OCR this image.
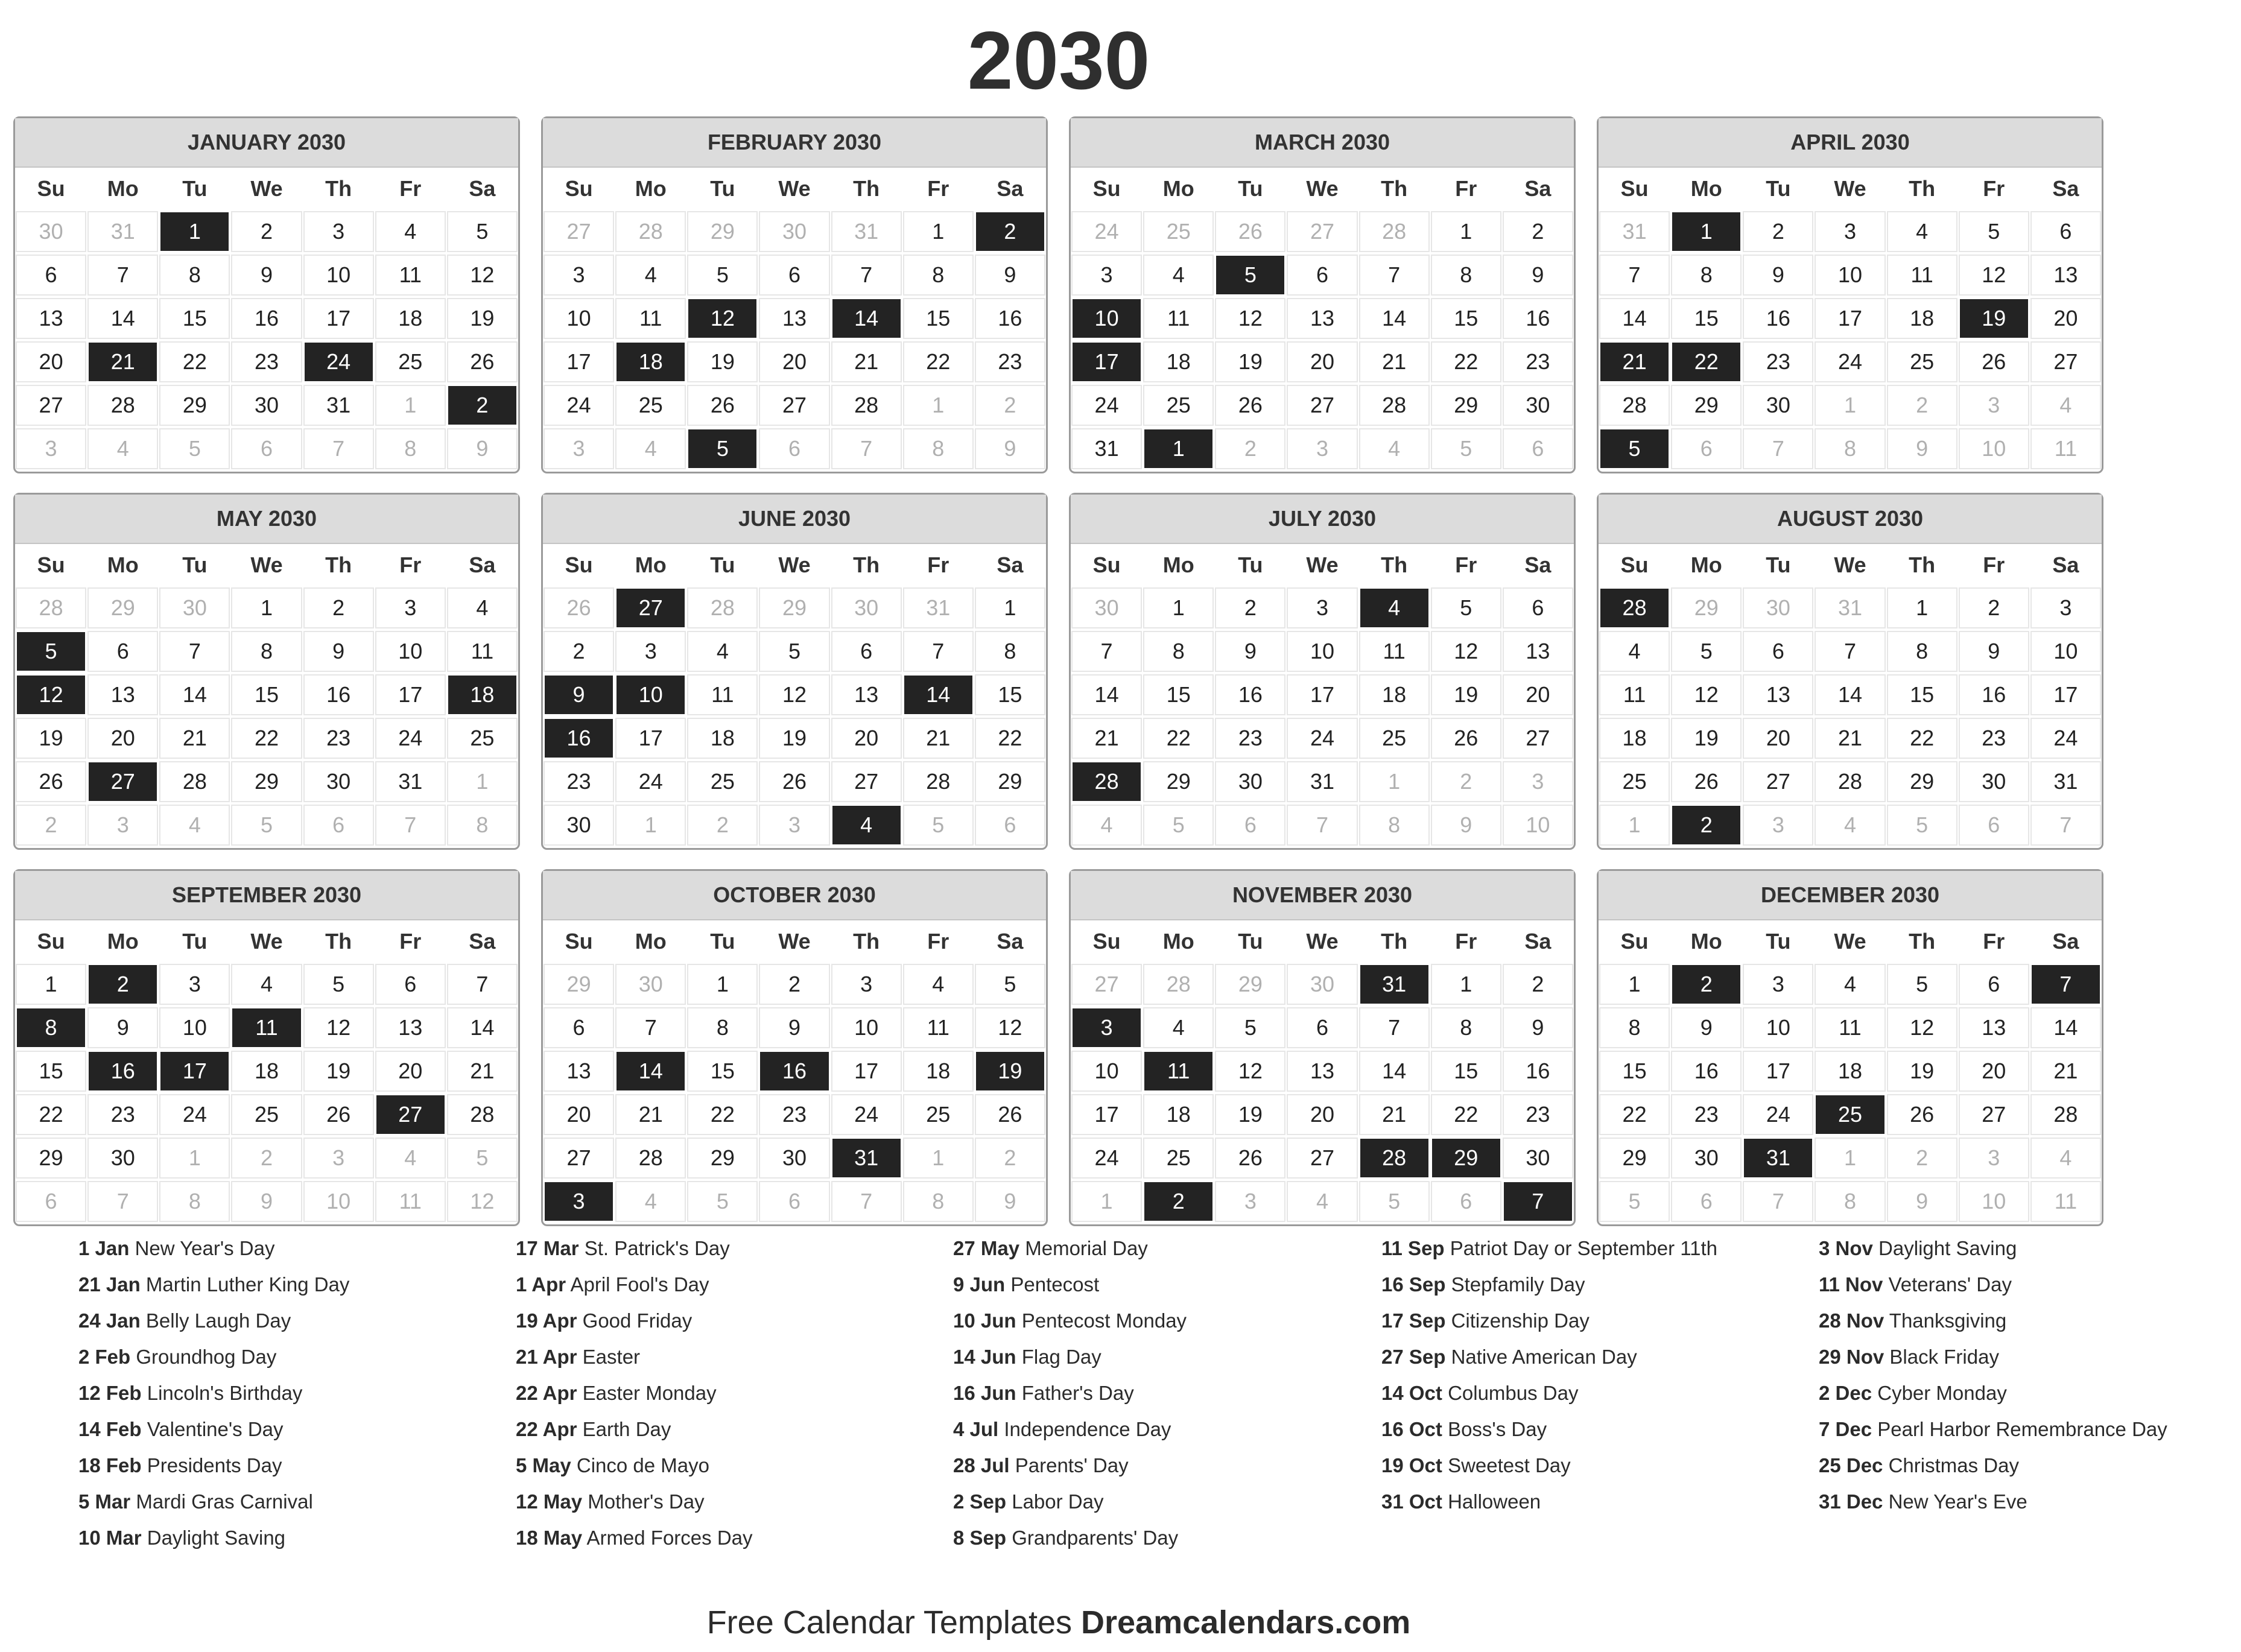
2030
JANUARY 2030
Su	Mo	Tu	We	Th	Fr	Sa
30	31	1	2	3	4	5
6	7	8	9	10	11	12
13	14	15	16	17	18	19
20	21	22	23	24	25	26
27	28	29	30	31	1	2
3	4	5	6	7	8	9
FEBRUARY 2030
Su	Mo	Tu	We	Th	Fr	Sa
27	28	29	30	31	1	2
3	4	5	6	7	8	9
10	11	12	13	14	15	16
17	18	19	20	21	22	23
24	25	26	27	28	1	2
3	4	5	6	7	8	9
MARCH 2030
Su	Mo	Tu	We	Th	Fr	Sa
24	25	26	27	28	1	2
3	4	5	6	7	8	9
10	11	12	13	14	15	16
17	18	19	20	21	22	23
24	25	26	27	28	29	30
31	1	2	3	4	5	6
APRIL 2030
Su	Mo	Tu	We	Th	Fr	Sa
31	1	2	3	4	5	6
7	8	9	10	11	12	13
14	15	16	17	18	19	20
21	22	23	24	25	26	27
28	29	30	1	2	3	4
5	6	7	8	9	10	11
MAY 2030
Su	Mo	Tu	We	Th	Fr	Sa
28	29	30	1	2	3	4
5	6	7	8	9	10	11
12	13	14	15	16	17	18
19	20	21	22	23	24	25
26	27	28	29	30	31	1
2	3	4	5	6	7	8
JUNE 2030
Su	Mo	Tu	We	Th	Fr	Sa
26	27	28	29	30	31	1
2	3	4	5	6	7	8
9	10	11	12	13	14	15
16	17	18	19	20	21	22
23	24	25	26	27	28	29
30	1	2	3	4	5	6
JULY 2030
Su	Mo	Tu	We	Th	Fr	Sa
30	1	2	3	4	5	6
7	8	9	10	11	12	13
14	15	16	17	18	19	20
21	22	23	24	25	26	27
28	29	30	31	1	2	3
4	5	6	7	8	9	10
AUGUST 2030
Su	Mo	Tu	We	Th	Fr	Sa
28	29	30	31	1	2	3
4	5	6	7	8	9	10
11	12	13	14	15	16	17
18	19	20	21	22	23	24
25	26	27	28	29	30	31
1	2	3	4	5	6	7
SEPTEMBER 2030
Su	Mo	Tu	We	Th	Fr	Sa
1	2	3	4	5	6	7
8	9	10	11	12	13	14
15	16	17	18	19	20	21
22	23	24	25	26	27	28
29	30	1	2	3	4	5
6	7	8	9	10	11	12
OCTOBER 2030
Su	Mo	Tu	We	Th	Fr	Sa
29	30	1	2	3	4	5
6	7	8	9	10	11	12
13	14	15	16	17	18	19
20	21	22	23	24	25	26
27	28	29	30	31	1	2
3	4	5	6	7	8	9
NOVEMBER 2030
Su	Mo	Tu	We	Th	Fr	Sa
27	28	29	30	31	1	2
3	4	5	6	7	8	9
10	11	12	13	14	15	16
17	18	19	20	21	22	23
24	25	26	27	28	29	30
1	2	3	4	5	6	7
DECEMBER 2030
Su	Mo	Tu	We	Th	Fr	Sa
1	2	3	4	5	6	7
8	9	10	11	12	13	14
15	16	17	18	19	20	21
22	23	24	25	26	27	28
29	30	31	1	2	3	4
5	6	7	8	9	10	11
1 Jan New Year's Day
21 Jan Martin Luther King Day
24 Jan Belly Laugh Day
2 Feb Groundhog Day
12 Feb Lincoln's Birthday
14 Feb Valentine's Day
18 Feb Presidents Day
5 Mar Mardi Gras Carnival
10 Mar Daylight Saving
17 Mar St. Patrick's Day
1 Apr April Fool's Day
19 Apr Good Friday
21 Apr Easter
22 Apr Easter Monday
22 Apr Earth Day
5 May Cinco de Mayo
12 May Mother's Day
18 May Armed Forces Day
27 May Memorial Day
9 Jun Pentecost
10 Jun Pentecost Monday
14 Jun Flag Day
16 Jun Father's Day
4 Jul Independence Day
28 Jul Parents' Day
2 Sep Labor Day
8 Sep Grandparents' Day
11 Sep Patriot Day or September 11th
16 Sep Stepfamily Day
17 Sep Citizenship Day
27 Sep Native American Day
14 Oct Columbus Day
16 Oct Boss's Day
19 Oct Sweetest Day
31 Oct Halloween
3 Nov Daylight Saving
11 Nov Veterans' Day
28 Nov Thanksgiving
29 Nov Black Friday
2 Dec Cyber Monday
7 Dec Pearl Harbor Remembrance Day
25 Dec Christmas Day
31 Dec New Year's Eve
Free Calendar Templates Dreamcalendars.com
